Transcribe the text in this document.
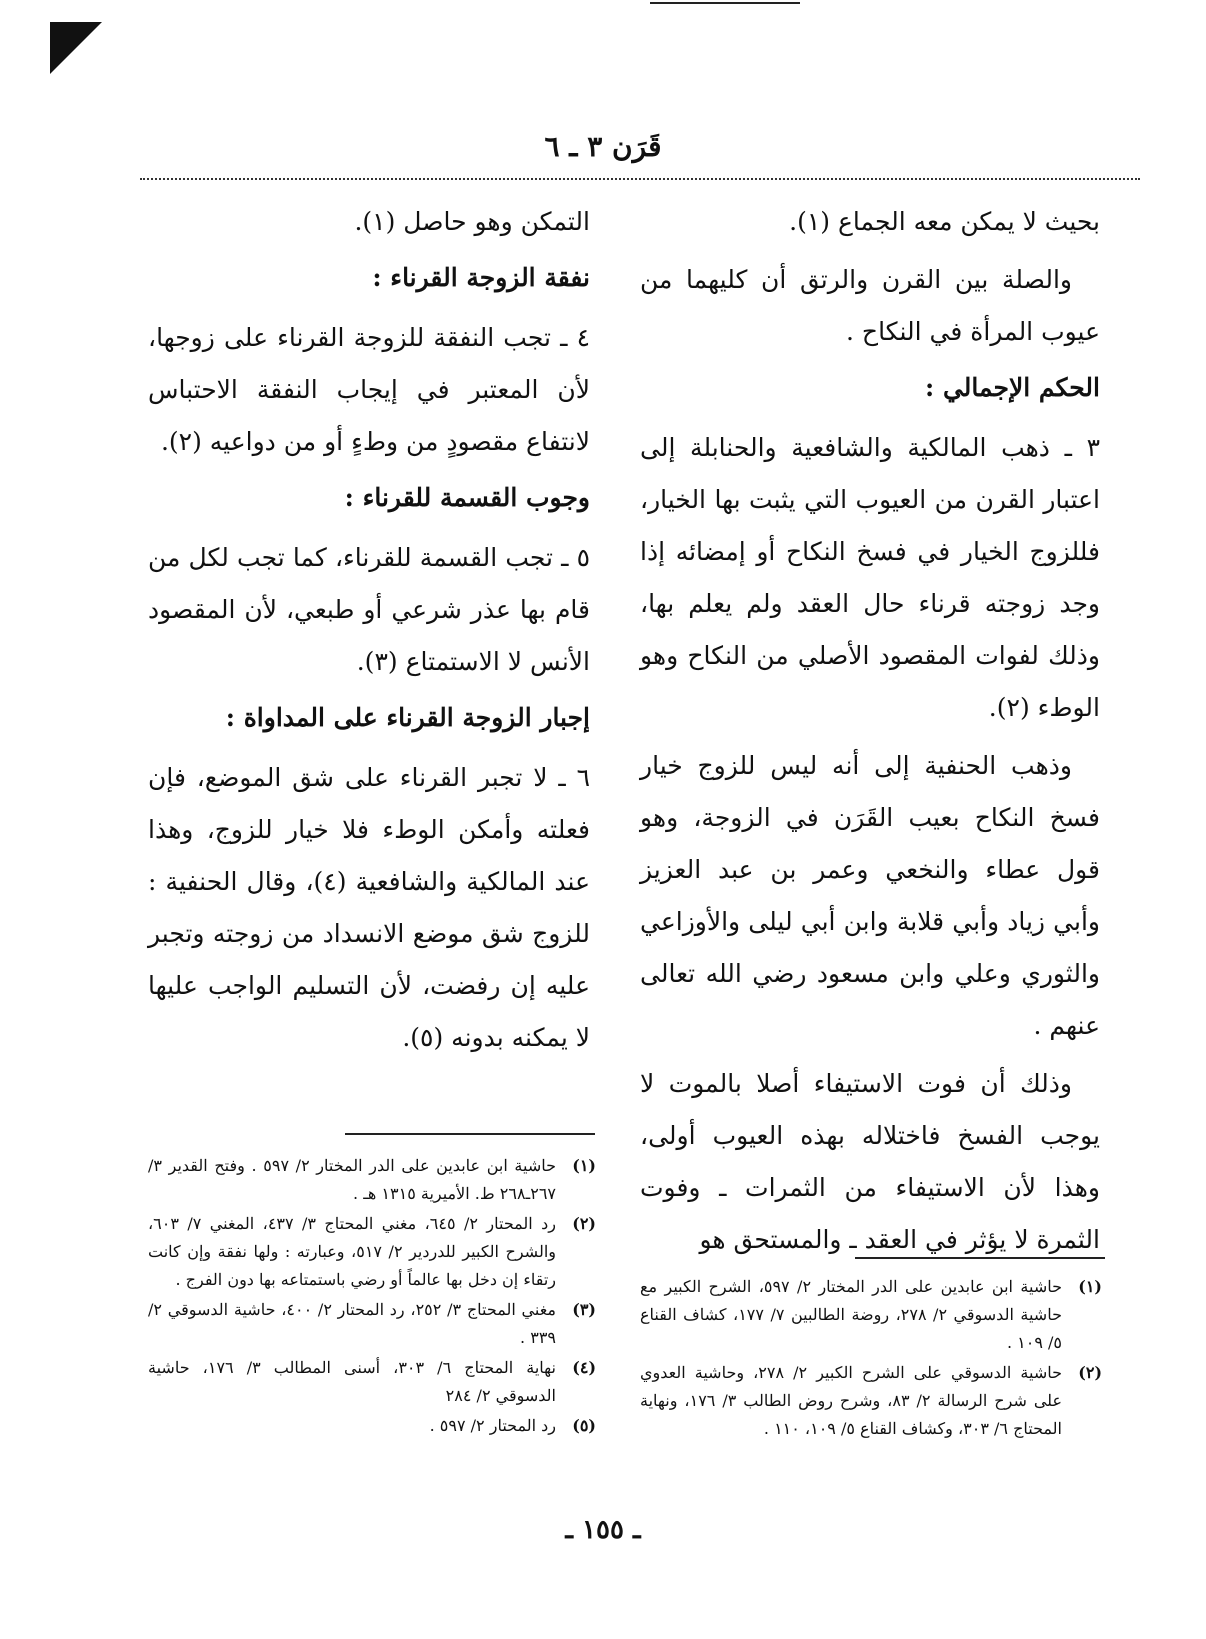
قَرَن ٣ ـ ٦

بحيث لا يمكن معه الجماع (١).

والصلة بين القرن والرتق أن كليهما من عيوب المرأة في النكاح .

الحكم الإجمالي :

٣ ـ ذهب المالكية والشافعية والحنابلة إلى اعتبار القرن من العيوب التي يثبت بها الخيار، فللزوج الخيار في فسخ النكاح أو إمضائه إذا وجد زوجته قرناء حال العقد ولم يعلم بها، وذلك لفوات المقصود الأصلي من النكاح وهو الوطء (٢).

وذهب الحنفية إلى أنه ليس للزوج خيار فسخ النكاح بعيب القَرَن في الزوجة، وهو قول عطاء والنخعي وعمر بن عبد العزيز وأبي زياد وأبي قلابة وابن أبي ليلى والأوزاعي والثوري وعلي وابن مسعود رضي الله تعالى عنهم .

وذلك أن فوت الاستيفاء أصلا بالموت لا يوجب الفسخ فاختلاله بهذه العيوب أولى، وهذا لأن الاستيفاء من الثمرات ـ وفوت الثمرة لا يؤثر في العقد ـ والمستحق هو

التمكن وهو حاصل (١).

نفقة الزوجة القرناء :

٤ ـ تجب النفقة للزوجة القرناء على زوجها، لأن المعتبر في إيجاب النفقة الاحتباس لانتفاع مقصودٍ من وطءٍ أو من دواعيه (٢).

وجوب القسمة للقرناء :

٥ ـ تجب القسمة للقرناء، كما تجب لكل من قام بها عذر شرعي أو طبعي، لأن المقصود الأنس لا الاستمتاع (٣).

إجبار الزوجة القرناء على المداواة :

٦ ـ لا تجبر القرناء على شق الموضع، فإن فعلته وأمكن الوطء فلا خيار للزوج، وهذا عند المالكية والشافعية (٤)، وقال الحنفية : للزوج شق موضع الانسداد من زوجته وتجبر عليه إن رفضت، لأن التسليم الواجب عليها لا يمكنه بدونه (٥).

(١)حاشية ابن عابدين على الدر المختار ٢/ ٥٩٧ . وفتح القدير ٣/ ٢٦٧ـ٢٦٨ ط. الأميرية ١٣١٥ هـ .

(٢)رد المحتار ٢/ ٦٤٥، مغني المحتاج ٣/ ٤٣٧، المغني ٧/ ٦٠٣، والشرح الكبير للدردير ٢/ ٥١٧، وعبارته : ولها نفقة وإن كانت رتقاء إن دخل بها عالماً أو رضي باستمتاعه بها دون الفرج .

(٣)مغني المحتاج ٣/ ٢٥٢، رد المحتار ٢/ ٤٠٠، حاشية الدسوقي ٢/ ٣٣٩ .

(٤)نهاية المحتاج ٦/ ٣٠٣، أسنى المطالب ٣/ ١٧٦، حاشية الدسوقي ٢/ ٢٨٤

(٥)رد المحتار ٢/ ٥٩٧ .

(١)حاشية ابن عابدين على الدر المختار ٢/ ٥٩٧، الشرح الكبير مع حاشية الدسوقي ٢/ ٢٧٨، روضة الطالبين ٧/ ١٧٧، كشاف القناع ٥/ ١٠٩ .

(٢)حاشية الدسوقي على الشرح الكبير ٢/ ٢٧٨، وحاشية العدوي على شرح الرسالة ٢/ ٨٣، وشرح روض الطالب ٣/ ١٧٦، ونهاية المحتاج ٦/ ٣٠٣، وكشاف القناع ٥/ ١٠٩، ١١٠ .

ـ ١٥٥ ـ
